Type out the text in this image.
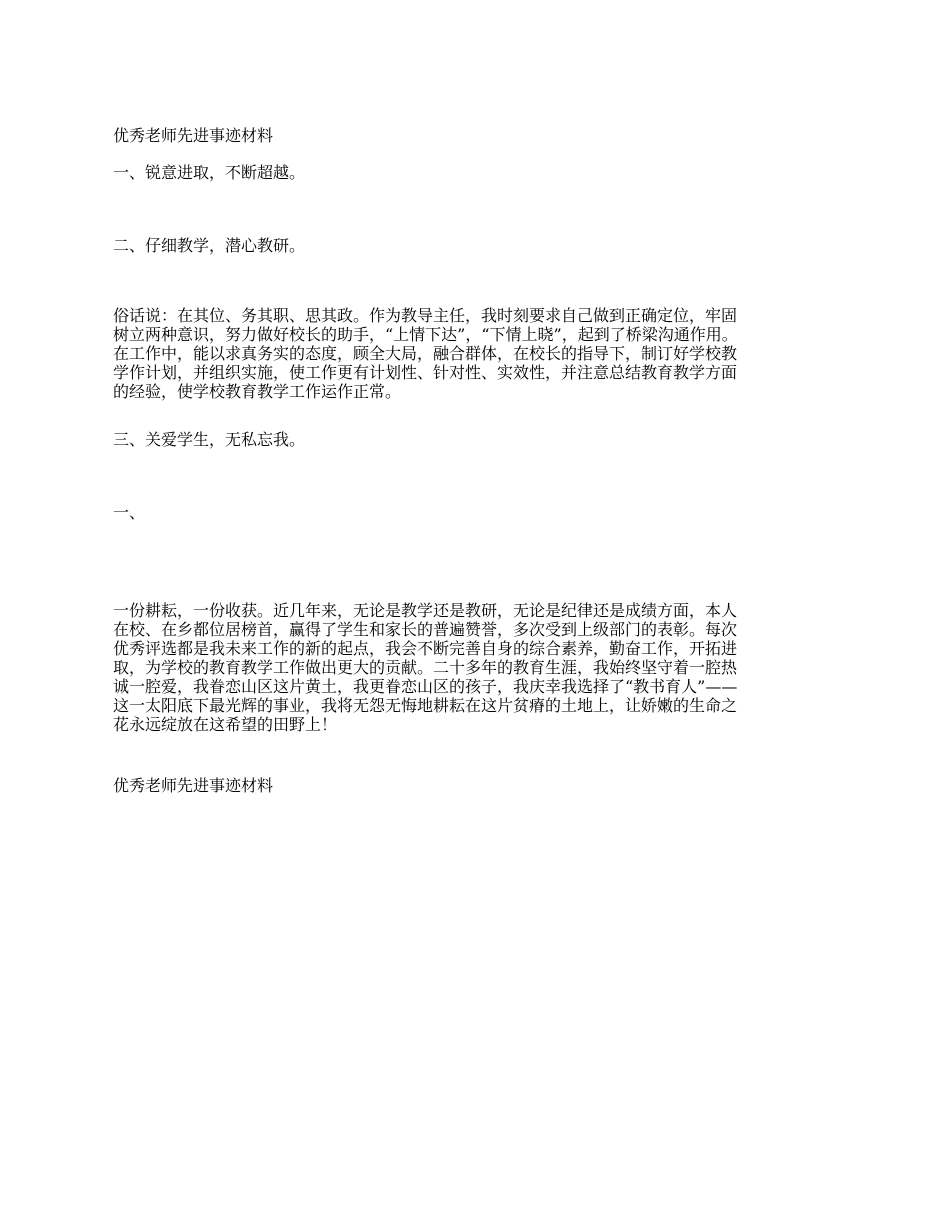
优秀老师先进事迹材料

一、锐意进取，不断超越。

二、仔细教学，潜心教研。

俗话说：在其位、务其职、思其政。作为教导主任，我时刻要求自己做到正确定位，牢固
树立两种意识，努力做好校长的助手，“上情下达”，“下情上晓”，起到了桥梁沟通作用。
在工作中，能以求真务实的态度，顾全大局，融合群体，在校长的指导下，制订好学校教
学作计划，并组织实施，使工作更有计划性、针对性、实效性，并注意总结教育教学方面
的经验，使学校教育教学工作运作正常。

三、关爱学生，无私忘我。

一、

一份耕耘，一份收获。近几年来，无论是教学还是教研，无论是纪律还是成绩方面，本人
在校、在乡都位居榜首，赢得了学生和家长的普遍赞誉，多次受到上级部门的表彰。每次
优秀评选都是我未来工作的新的起点，我会不断完善自身的综合素养，勤奋工作，开拓进
取，为学校的教育教学工作做出更大的贡献。二十多年的教育生涯，我始终坚守着一腔热
诚一腔爱，我眷恋山区这片黄土，我更眷恋山区的孩子，我庆幸我选择了“教书育人”——
这一太阳底下最光辉的事业，我将无怨无悔地耕耘在这片贫瘠的土地上，让娇嫩的生命之
花永远绽放在这希望的田野上！

优秀老师先进事迹材料
